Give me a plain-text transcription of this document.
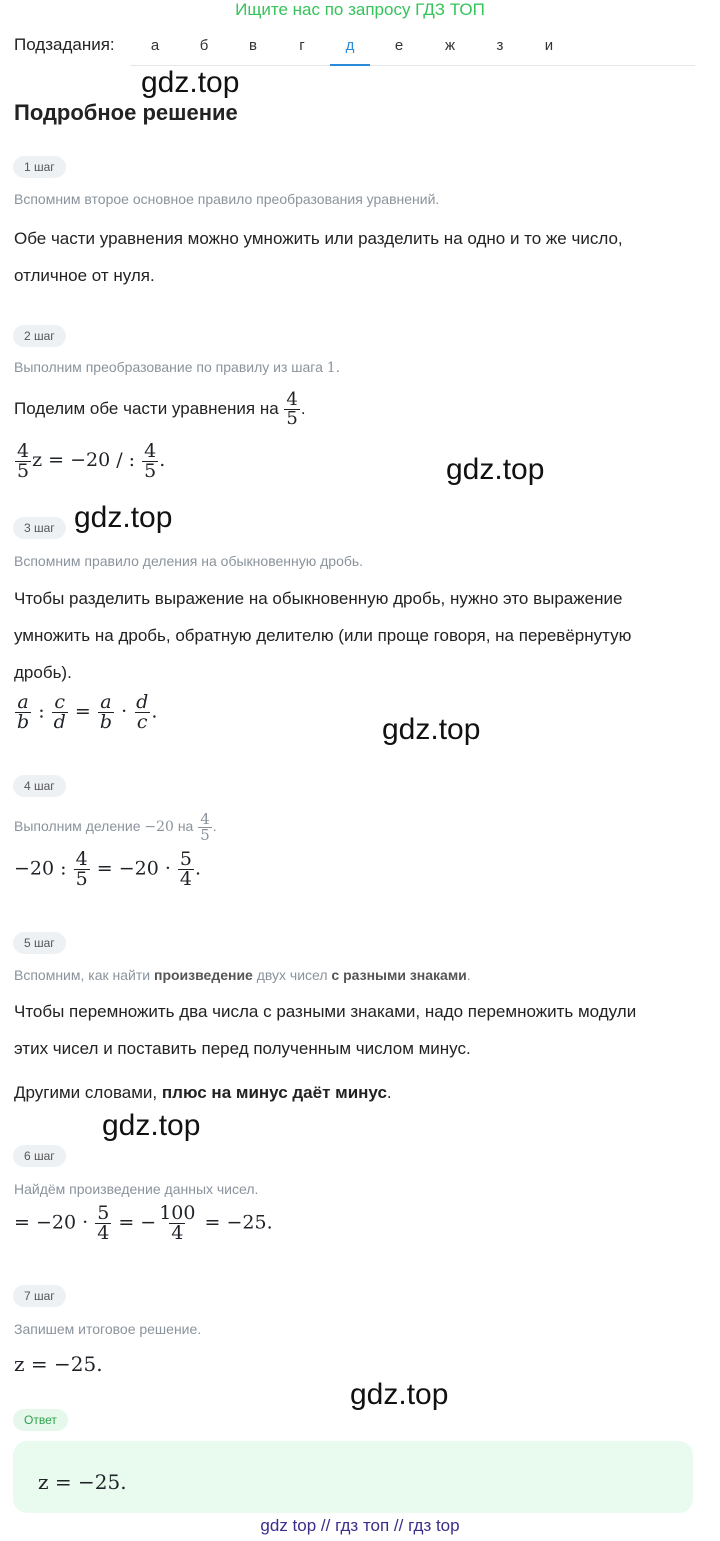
Ищите нас по запросу ГДЗ ТОП
Подзадания:	а	б	в	г	д	е	ж	з	и
gdz.top
Подробное решение
1 шаг
Вспомним второе основное правило преобразования уравнений.
Обе части уравнения можно умножить или разделить на одно и то же число,
отличное от нуля.
2 шаг
Выполним преобразование по правилу из шага 1.
Поделим обе части уравнения на $\frac{4}{5}$ .
$\frac{4}{5}$ z = −20 / : $\frac{4}{5}$ .	gdz.top
3 шаг gdz.top
Вспомним правило деления на обыкновенную дробь.
Чтобы разделить выражение на обыкновенную дробь, нужно это выражение
умножить на дробь, обратную делителю (или проще говоря, на перевёрнутую
дробь).
$\frac{a}{b}$ : $\frac{c}{d} = \frac{a}{b} \cdot \frac{d}{c}$ .
gdz.top
4 шаг
Выполним деление −20 на $\frac{4}{5}$ .
−20 : $\frac{4}{5} = -20 \cdot \frac{5}{4}$ .
5 шаг
Вспомним, как найти произведение двух чисел с разными знаками.
Чтобы перемножить два числа с разными знаками, надо перемножить модули
этих чисел и поставить перед полученным числом минус.
Другими словами, плюс на минус даёт минус.
gdz.top
6 шаг
Найдём произведение данных чисел.
= $-20 \cdot \frac{5}{4}$ = − $\frac{100}{4} = -25$.
7 шаг
Запишем итоговое решение.
z = −25.
gdz.top
Ответ
z = −25.
gdz top // гдз топ // гдз top
